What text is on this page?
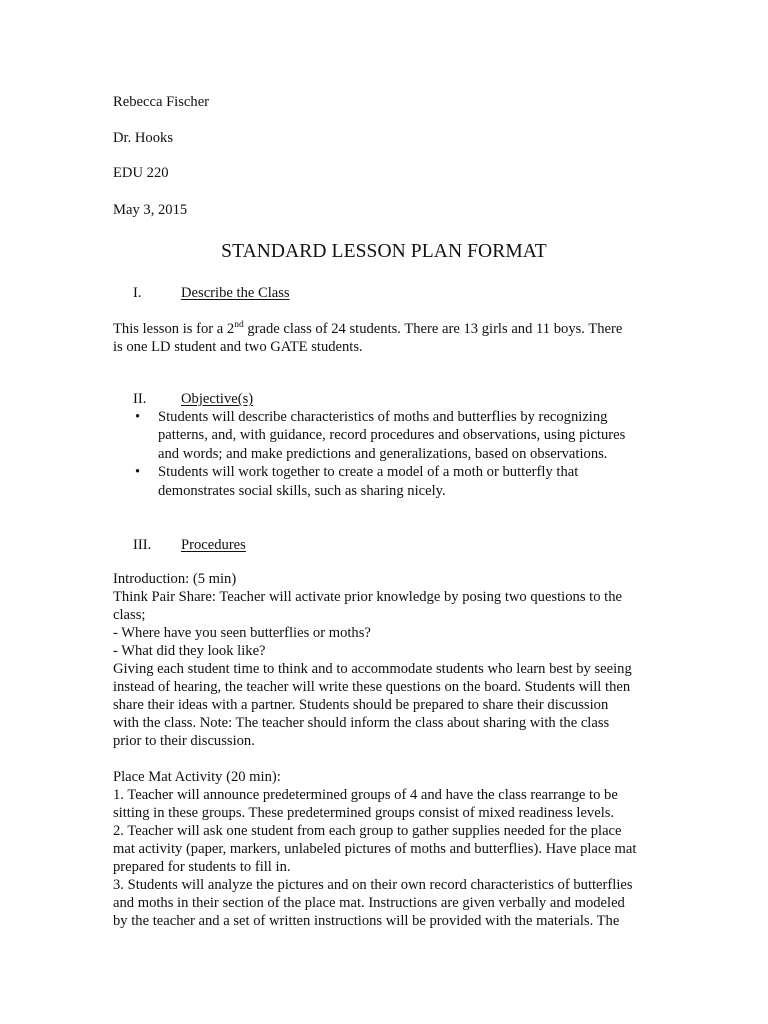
Rebecca Fischer
Dr. Hooks
EDU 220
May 3, 2015
STANDARD LESSON PLAN FORMAT
I.	Describe the Class

This lesson is for a 2nd grade class of 24 students. There are 13 girls and 11 boys. There
is one LD student and two GATE students.

II. Objective(s)
• Students will describe characteristics of moths and butterflies by recognizing
patterns, and, with guidance, record procedures and observations, using pictures
and words; and make predictions and generalizations, based on observations.
• Students will work together to create a model of a moth or butterfly that
demonstrates social skills, such as sharing nicely.
III. Procedures

Introduction: (5 min)
Think Pair Share: Teacher will activate prior knowledge by posing two questions to the
class;
- Where have you seen butterflies or moths?
- What did they look like?
Giving each student time to think and to accommodate students who learn best by seeing
instead of hearing, the teacher will write these questions on the board. Students will then
share their ideas with a partner. Students should be prepared to share their discussion
with the class. Note: The teacher should inform the class about sharing with the class
prior to their discussion.
Place Mat Activity (20 min):
1. Teacher will announce predetermined groups of 4 and have the class rearrange to be
sitting in these groups. These predetermined groups consist of mixed readiness levels.
2. Teacher will ask one student from each group to gather supplies needed for the place
mat activity (paper, markers, unlabeled pictures of moths and butterflies). Have place mat
prepared for students to fill in.
3. Students will analyze the pictures and on their own record characteristics of butterflies
and moths in their section of the place mat. Instructions are given verbally and modeled
by the teacher and a set of written instructions will be provided with the materials. The
